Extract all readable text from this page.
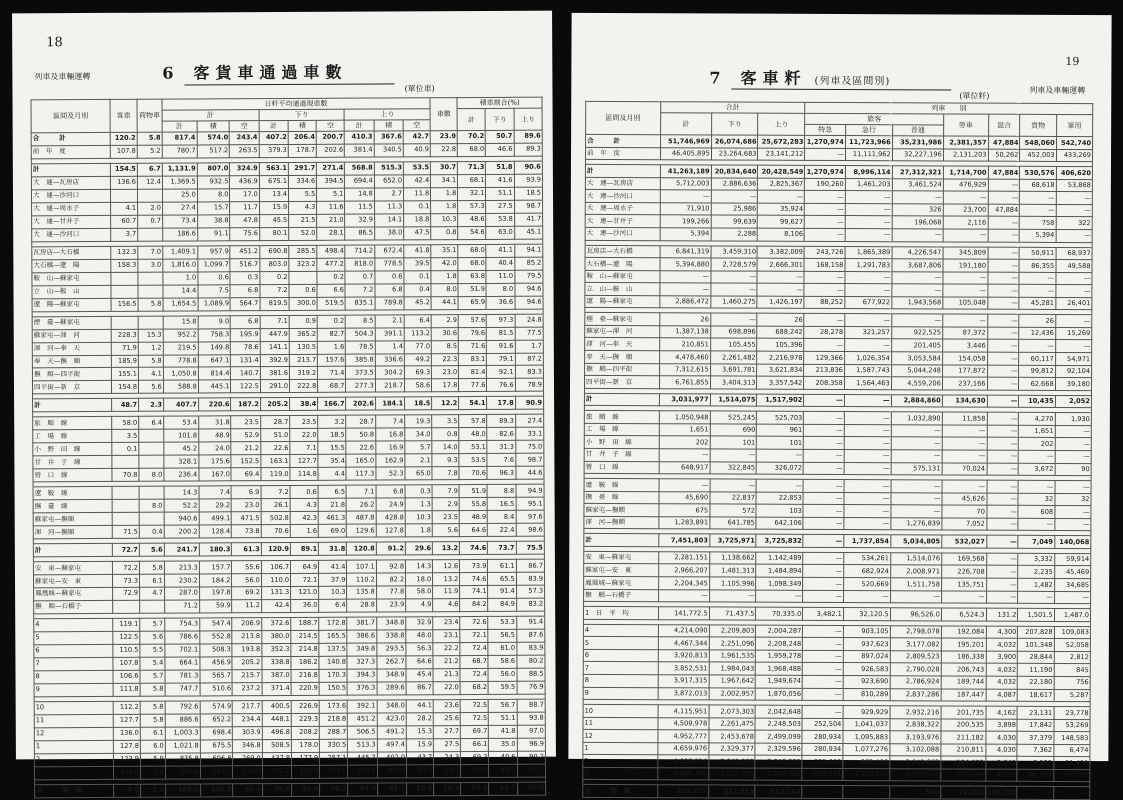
18
列車及車輛運轉	6 客貨車通過車數
(單位車)
區間及月別	客車	荷物車	日粁平均通過現車數									車數	積車割合(%)		
			計			下り			上り				計	下り	上り
			計	積	空	計	積	空	計	積	空				
合　　　計	120.2	5.8	817.4	574.0	243.4	407.2	206.4	200.7	410.3	367.6	42.7	23.9	70.2	50.7	89.6
前　年　度	107.8	5.2	780.7	517.2	263.5	379.3	178.7	202.6	381.4	340.5	40.9	22.8	68.0	46.6	89.3

計	154.5	6.7	1,131.9	807.0	324.9	563.1	291.7	271.4	568.8	515.3	53.5	30.7	71.3	51.8	90.6
大　連—瓦房店	136.6	12.4	1,369.5	932.5	436.9	675.1	334.6	394.5	694.4	652.0	42.4	34.1	68.1	41.6	93.9
大　連—沙河口			25.0	8.0	17.0	13.4	5.5	5.1	14.8	2.7	11.8	1.8	32.1	51.1	18.5
大　連—周水子	4.1	2.0	27.4	15.7	11.7	15.9	4.3	11.6	11.5	11.3	0.1	1.8	57.3	27.5	98.7
大　連—甘井子	60.7	0.7	73.4	38.8	47.8	45.5	21.5	21.0	32.9	14.1	18.8	10.3	48.6	53.8	41.7
大　連—沙河口	3.7		186.6	91.1	75.6	80.1	52.0	28.1	86.5	38.0	47.5	0.8	54.6	63.0	45.1

瓦房店—大石橋	132.3	7.0	1,409.1	957.9	451.2	690.8	285.5	498.4	714.2	672.4	41.8	35.1	68.0	41.1	94.1
大石橋—遼　陽	158.3	3.0	1,816.0	1,099.7	516.7	803.0	323.2	477.2	818.0	778.5	39.5	42.0	68.0	40.4	85.2
鞍　山—蘇家屯			1.0	0.6	0.3	0.2		0.2	0.7	0.6	0.1	1.8	63.8	11.0	79.5
立　山—鞍　山			14.4	7.5	6.8	7.2	0.6	6.6	7.2	6.8	0.4	8.0	51.9	8.0	94.6
遼　陽—蘇家屯	156.5	5.8	1,654.5	1,089.9	564.7	819.5	300.0	519.5	835.1	789.8	45.2	44.1	65.9	36.6	94.6

煙　臺—蘇家屯			15.8	9.0	6.8	7.1	0.9	0.2	8.5	2.1	6.4	2.9	57.6	97.3	24.8
蘇家屯—渾　河	228.3	15.3	952.2	758.3	195.9	447.9	365.2	82.7	504.3	391.1	113.2	30.6	79.6	81.5	77.5
渾　河—奉　天	71.9	1.2	219.5	149.8	78.6	141.1	130.5	1.6	78.5	1.4	77.0	8.5	71.6	91.6	1.7
奉　天—撫　順	185.9	5.8	778.8	647.1	131.4	392.9	213.7	157.6	385.8	336.6	49.2	22.3	83.1	79.1	87.2
撫　順—四平街	155.1	4.1	1,050.8	814.4	140.7	381.6	319.2	71.4	373.5	304.2	69.3	23.0	81.4	92.1	83.3
四平街—新　京	154.8	5.6	588.8	445.1	122.5	291.0	222.8	68.7	277.3	218.7	58.6	17.8	77.6	76.6	78.9

計	48.7	2.3	407.7	220.6	187.2	205.2	38.4	166.7	202.6	184.1	18.5	12.2	54.1	17.8	90.9

旅　順　線	58.0	6.4	53.4	31.8	23.5	28.7	23.5	3.2	28.7	7.4	19.3	3.5	57.8	89.3	27.4
工　場　線	3.5		101.8	48.9	52.9	51.0	22.0	18.5	50.8	16.8	34.0	0.8	48.0	82.6	33.1
小　野　田　線	0.1		45.2	24.0	21.2	22.6	7.1	15.5	22.6	16.9	5.7	14.0	53.1	31.3	75.0
甘　井　子　線			328.1	175.6	152.5	163.1	127.7	35.4	165.0	162.9	2.1	9.3	53.5	7.6	98.7
營　口　線	70.8	8.0	236.4	167.0	69.4	119.0	114.8	4.4	117.3	52.3	65.0	7.8	70.6	96.3	44.6

遼　鞍　線			14.3	7.4	6.9	7.2	0.6	6.5	7.1	6.8	0.3	7.9	51.9	8.8	94.9
撫　臺　線		8.0	52.2	29.2	23.0	26.1	4.3	21.8	26.2	24.9	1.3	2.9	55.8	16.5	95.1
蘇家屯—撫順			940.6	499.1	471.5	502.8	42.3	461.3	487.8	428.8	10.3	23.5	48.9	8.4	97.6
渾　河—撫順	71.5	0.4	200.2	128.4	73.8	70.6	1.6	69.0	129.6	127.8	1.8	5.6	64.6	22.4	98.6

計	72.7	5.6	241.7	180.3	61.3	120.9	89.1	31.8	120.8	91.2	29.6	13.2	74.6	73.7	75.5

安　東—蘇家屯	72.2	5.8	213.3	157.7	55.6	106.7	64.9	41.4	107.1	92.8	14.3	12.6	73.9	61.1	86.7
蘇家屯—安　東	73.3	6.1	230.2	184.2	56.0	110.0	72.1	37.9	110.2	82.2	18.0	13.2	74.6	65.5	83.9
鳳凰城—蘇家屯	72.9	4.7	287.0	197.8	69.2	131.3	121.0	10.3	135.8	77.8	58.0	11.9	74.1	91.4	57.3
撫　順—石橋子			71.2	59.9	11.2	42.4	36.0	6.4	28.8	23.9	4.9	4.6	84.2	84.9	83.2

4	119.1	5.7	754.3	547.4	206.9	372.6	188.7	172.8	381.7	348.8	32.9	23.4	72.6	53.3	91.4
5	122.5	5.6	786.6	552.8	213.8	380.0	214.5	165.5	386.6	338.8	48.0	23.1	72.1	56.5	87.6
6	110.5	5.5	702.1	508.3	193.8	352.3	214.8	137.5	349.8	293.5	56.3	22.2	72.4	61.0	83.9
7	107.8	5.4	664.1	456.9	205.2	338.8	186.2	140.8	327.3	262.7	64.6	21.2	68.7	58.6	80.2
8	106.6	5.7	781.3	565.7	215.7	387.0	216.8	170.3	394.3	348.9	45.4	21.3	72.4	56.0	88.5
9	111.8	5.8	747.7	510.6	237.2	371.4	220.9	150.5	376.3	289.6	86.7	22.0	68.2	59.5	76.9

10	112.2	5.8	792.6	574.9	217.7	400.5	226.9	173.6	392.1	348.0	44.1	23.6	72.5	56.7	88.7
11	127.7	5.8	886.6	652.2	234.4	448.1	229.3	218.8	451.2	423.0	28.2	25.6	72.5	51.1	93.8
12	136.0	6.1	1,003.3	698.4	303.9	496.8	208.2	288.7	506.5	491.2	15.3	27.7	69.7	41.8	97.0
1	127.8	6.0	1,021.8	675.5	346.8	508.5	178.0	330.5	513.3	497.4	15.9	27.5	66.1	35.0	96.9
2	123.9	5.9	875.8	606.8	269.0	437.8	177.9	257.1	445.7	402.0	43.7	24.3	69.3	40.6	90.2
3	136.8	5.6	800.4	564.0	236.4	401.2	198.0	203.2	399.2	366.0	33.2	18.1	70.5	49.3	91.7

金　　　額　線	4.0	2.0	188.0	132.5	56.5	95.8	49.6	46.2	93.4	83.1	10.2	18.3	70.1	51.7	89.0
19
列車及車輛運轉
7 客車粁 (列車及區間別)
(單位粁)
區間及月別	合計			列車　　 別						
	計	下り	上り	旅客			勞車	混合	貨物	軍用
				特急	急行	普通				
合　　　計	51,746,969	26,074,686	25,672,283	1,270,974	11,723,966	35,231,986	2,381,357	47,884	548,060	542,740
前　年　度	46,405,895	23,264,683	23,141,212	—	11,111,962	32,227,196	2,131,203	50,262	452,003	433,269

計	41,263,189	20,834,640	20,428,549	1,270,974	8,996,114	27,312,321	1,714,700	47,884	530,576	406,620
大　連—瓦房店	5,712,003	2,886,636	2,825,367	190,260	1,461,203	3,461,524	476,929	—	68,618	53,868
大　連—沙河口	—	—	—	—	—	—	—	—	—	—
大　連—周水子	71,910	25,986	35,924	—	—	326	23,700	47,884	—	—
大　連—甘井子	199,266	99,639	99,627	—	—	196,068	2,116	—	758	322
大　連—沙河口	5,394	2,288	8,106	—	—	—	—	—	5,394	—

瓦房店—大石橋	6,841,319	3,459,310	3,382,009	243,726	1,865,389	4,226,547	345,809	—	50,911	68,937
大石橋—遼　陽	5,394,880	2,728,579	2,666,301	168,158	1,291,783	3,687,806	191,180	—	86,355	49,588
鞍　山—蘇家屯	—	—	—	—	—	—	—	—	—	—
立　山—鞍　山	—	—	—	—	—	—	—	—	—	—
遼　陽—蘇家屯	2,886,472	1,460,275	1,426,197	88,252	677,922	1,943,568	105,048	—	45,281	26,401

煙　臺—蘇家屯	26	—	26	—	—	—	—	—	26	—
蘇家屯—渾　河	1,387,138	698,896	688,242	28,278	321,257	922,525	87,372	—	12,436	15,269
渾　河—奉　天	210,851	105,455	105,396	—	—	201,405	3,446	—	—	—
奉　天—撫　順	4,478,460	2,261,482	2,216,978	129,366	1,026,354	3,053,584	154,058	—	60,117	54,971
撫　順—四平街	7,312,615	3,691,781	3,621,834	213,836	1,587,743	5,044,248	177,872	—	99,812	92,104
四平街—新　京	6,761,855	3,404,313	3,357,542	208,358	1,564,463	4,559,206	237,166	—	62,668	39,180

計	3,031,977	1,514,075	1,517,902	—	—	2,884,860	134,630	—	10,435	2,052

旅　順　線	1,050,948	525,245	525,703	—	—	1,032,890	11,858	—	4,270	1,930
工　場　線	1,651	690	961	—	—	—	—	—	1,651	—
小　野　田　線	202	101	101	—	—	—	—	—	202	—
甘　井　子　線	—	—	—	—	—	—	—	—	—	—
營　口　線	648,917	322,845	326,072	—	—	575,131	70,024	—	3,672	90

遼　鞍　線	—	—	—	—	—	—	—	—	—	—
撫　臺　線	45,690	22,837	22,853	—	—	—	45,626	—	32	32
蘇家屯—撫順	675	572	103	—	—	—	70	—	608	—
渾　河—撫順	1,283,891	641,785	642,106	—	—	1,276,839	7,052	—	—	—

計	7,451,803	3,725,971	3,725,832	—	1,737,854	5,034,805	532,027	—	7,049	140,068

安　東—蘇家屯	2,281,151	1,138,662	1,142,489	—	534,261	1,514,076	169,568	—	3,332	59,914
蘇家屯—安　東	2,966,207	1,481,313	1,484,894	—	682,924	2,008,971	226,708	—	2,235	45,469
鳳凰城—蘇家屯	2,204,345	1,105,996	1,098,349	—	520,669	1,511,758	135,751	—	1,482	34,685
撫　順—石橋子	—	—	—	—	—	—	—	—	—	—

1　日　平　均	141,772.5	71,437.5	70,335.0	3,482.1	32,120.5	96,526.0	6,524.3	131.2	1,501.5	1,487.0

4	4,214,090	2,209,803	2,004,287	—	903,105	2,798,078	192,084	4,300	207,828	109,083
5	4,467,344	2,251,096	2,208,248	—	937,623	3,177,082	195,201	4,032	101,348	52,058
6	3,920,813	1,961,535	1,959,278	—	897,024	2,809,523	186,338	3,900	28,844	2,812
7	3,852,531	1,984,043	1,968,488	—	926,583	2,790,028	206,743	4,032	11,190	845
8	3,917,315	1,967,642	1,949,674	—	923,690	2,786,924	189,744	4,032	22,180	756
9	3,872,013	2,002,957	1,870,056	—	810,289	2,837,286	187,447	4,087	18,617	5,287

10	4,115,951	2,073,303	2,042,648	—	929,929	2,932,216	201,735	4,162	23,131	23,778
11	4,509,978	2,261,475	2,248,503	252,504	1,041,037	2,838,322	200,535	3,898	17,842	53,269
12	4,952,777	2,453,678	2,499,099	280,934	1,095,883	3,193,976	211,182	4,030	37,379	148,583
1	4,659,976	2,329,377	2,329,596	280,934	1,077,276	3,102,088	210,811	4,030	7,362	6,474
2	4,088,014	2,041,992	2,046,022	235,668	862,408	2,649,663	184,633	3,640	3,532	51,430
3	4,866,166	2,517,785	2,448,381	280,934	1,118,270	3,234,474	195,286	4,030	66,797	86,265

金　　　額　線	224,377	112,213	112,164	—	—	560	74,483	149,334	—	—
